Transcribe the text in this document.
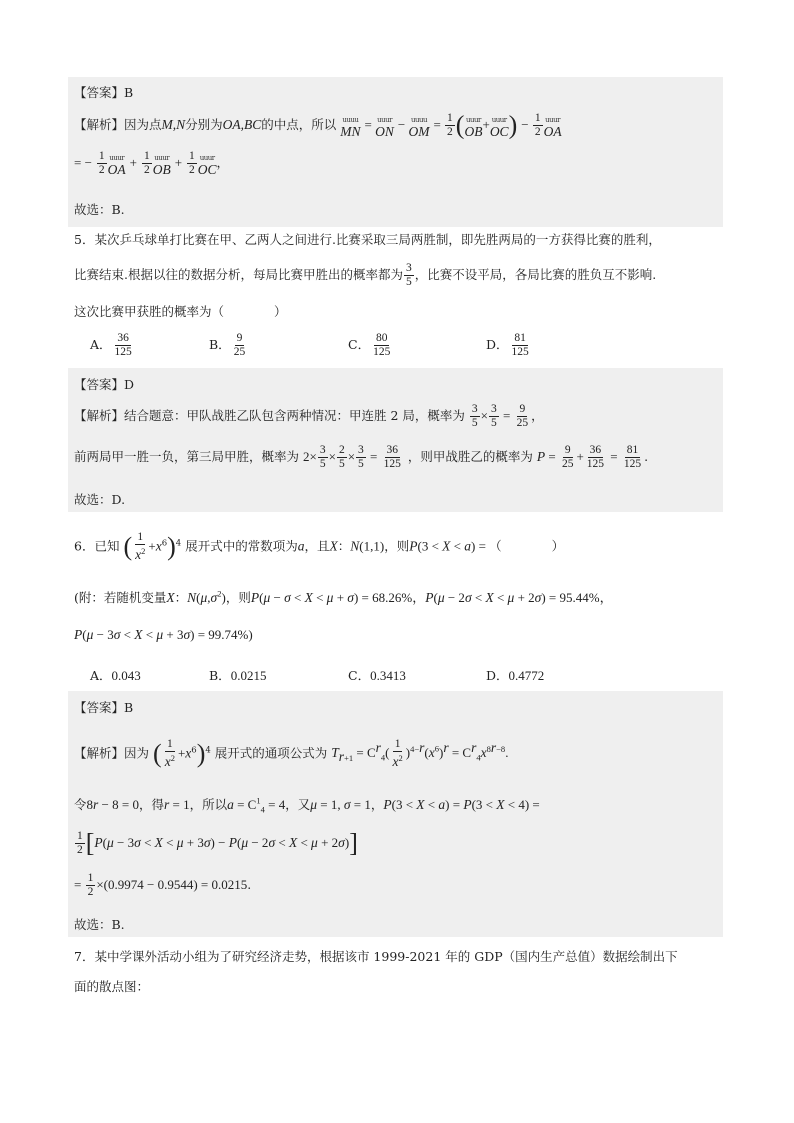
【答案】B
【解析】因为点M,N分别为OA,BC的中点，所以 uuuu
MN = uuur
ON − uuuu
OM = $\frac{1}{2}$ ( uuur
OB + uuur
OC ) − $\frac{1}{2}$ uuur
OA
= − $\frac{1}{2}$ uuur
OA + $\frac{1}{2}$ uuur
OB + $\frac{1}{2}$ uuur
OC ，
故选：B.
5．某次乒乓球单打比赛在甲、乙两人之间进行.比赛采取三局两胜制，即先胜两局的一方获得比赛的胜利，
比赛结束.根据以往的数据分析，每局比赛甲胜出的概率都为 $\frac{3}{5}$ ，比赛不设平局，各局比赛的胜负互不影响.
这次比赛甲获胜的概率为（　　　　）
A． $\frac{36}{125}$	B． $\frac{9}{25}$	C． $\frac{80}{125}$	D． $\frac{81}{125}$
【答案】D
【解析】结合题意：甲队战胜乙队包含两种情况：甲连胜 2 局，概率为 $\frac{3}{5} \times \frac{3}{5} = \frac{9}{25}$ ，
前两局甲一胜一负，第三局甲胜，概率为 $2\times \frac{3}{5} \times \frac{2}{5} \times \frac{3}{5} = \frac{36}{125}$ ，则甲战胜乙的概率为 $P = \frac{9}{25} + \frac{36}{125} = \frac{81}{125}$ .
故选：D.
6．已知 ( $\frac{1}{x^2} +x^6)^4$ 展开式中的常数项为a，且X：N(1,1)，则P(3 < X < a) = （　　　　）
(附：若随机变量X：$N(\mu,\sigma^2)$，则P(μ − σ < X < μ + σ) = 68.26%，P(μ − 2σ < X < μ + 2σ) = 95.44%，
P(μ − 3σ < X < μ + 3σ) = 99.74%)
A．0.043	B．0.0215	C．0.3413	D．0.4772
【答案】B
【解析】因为 ( $\frac{1}{x^2} +x^6)^4$ 展开式的通项公式为 $T_{r+1} = C^r_4( \frac{1}{x^2} )^{4-r}(x^6)^r = C^r_4x^{8r-8}$.
令8r − 8 = 0，得r = 1，所以$a = C^1_4 = 4$，又μ = 1, σ = 1，P(3 < X < a) = P(3 < X < 4) =
$\frac{1}{2} [P(\mu - 3\sigma < X < \mu + 3\sigma) - P(\mu - 2\sigma < X < \mu + 2\sigma)]$
= $\frac{1}{2} \times(0.9974 - 0.9544) = 0.0215$.
故选：B.
7．某中学课外活动小组为了研究经济走势，根据该市 1999-2021 年的 GDP（国内生产总值）数据绘制出下
面的散点图：
